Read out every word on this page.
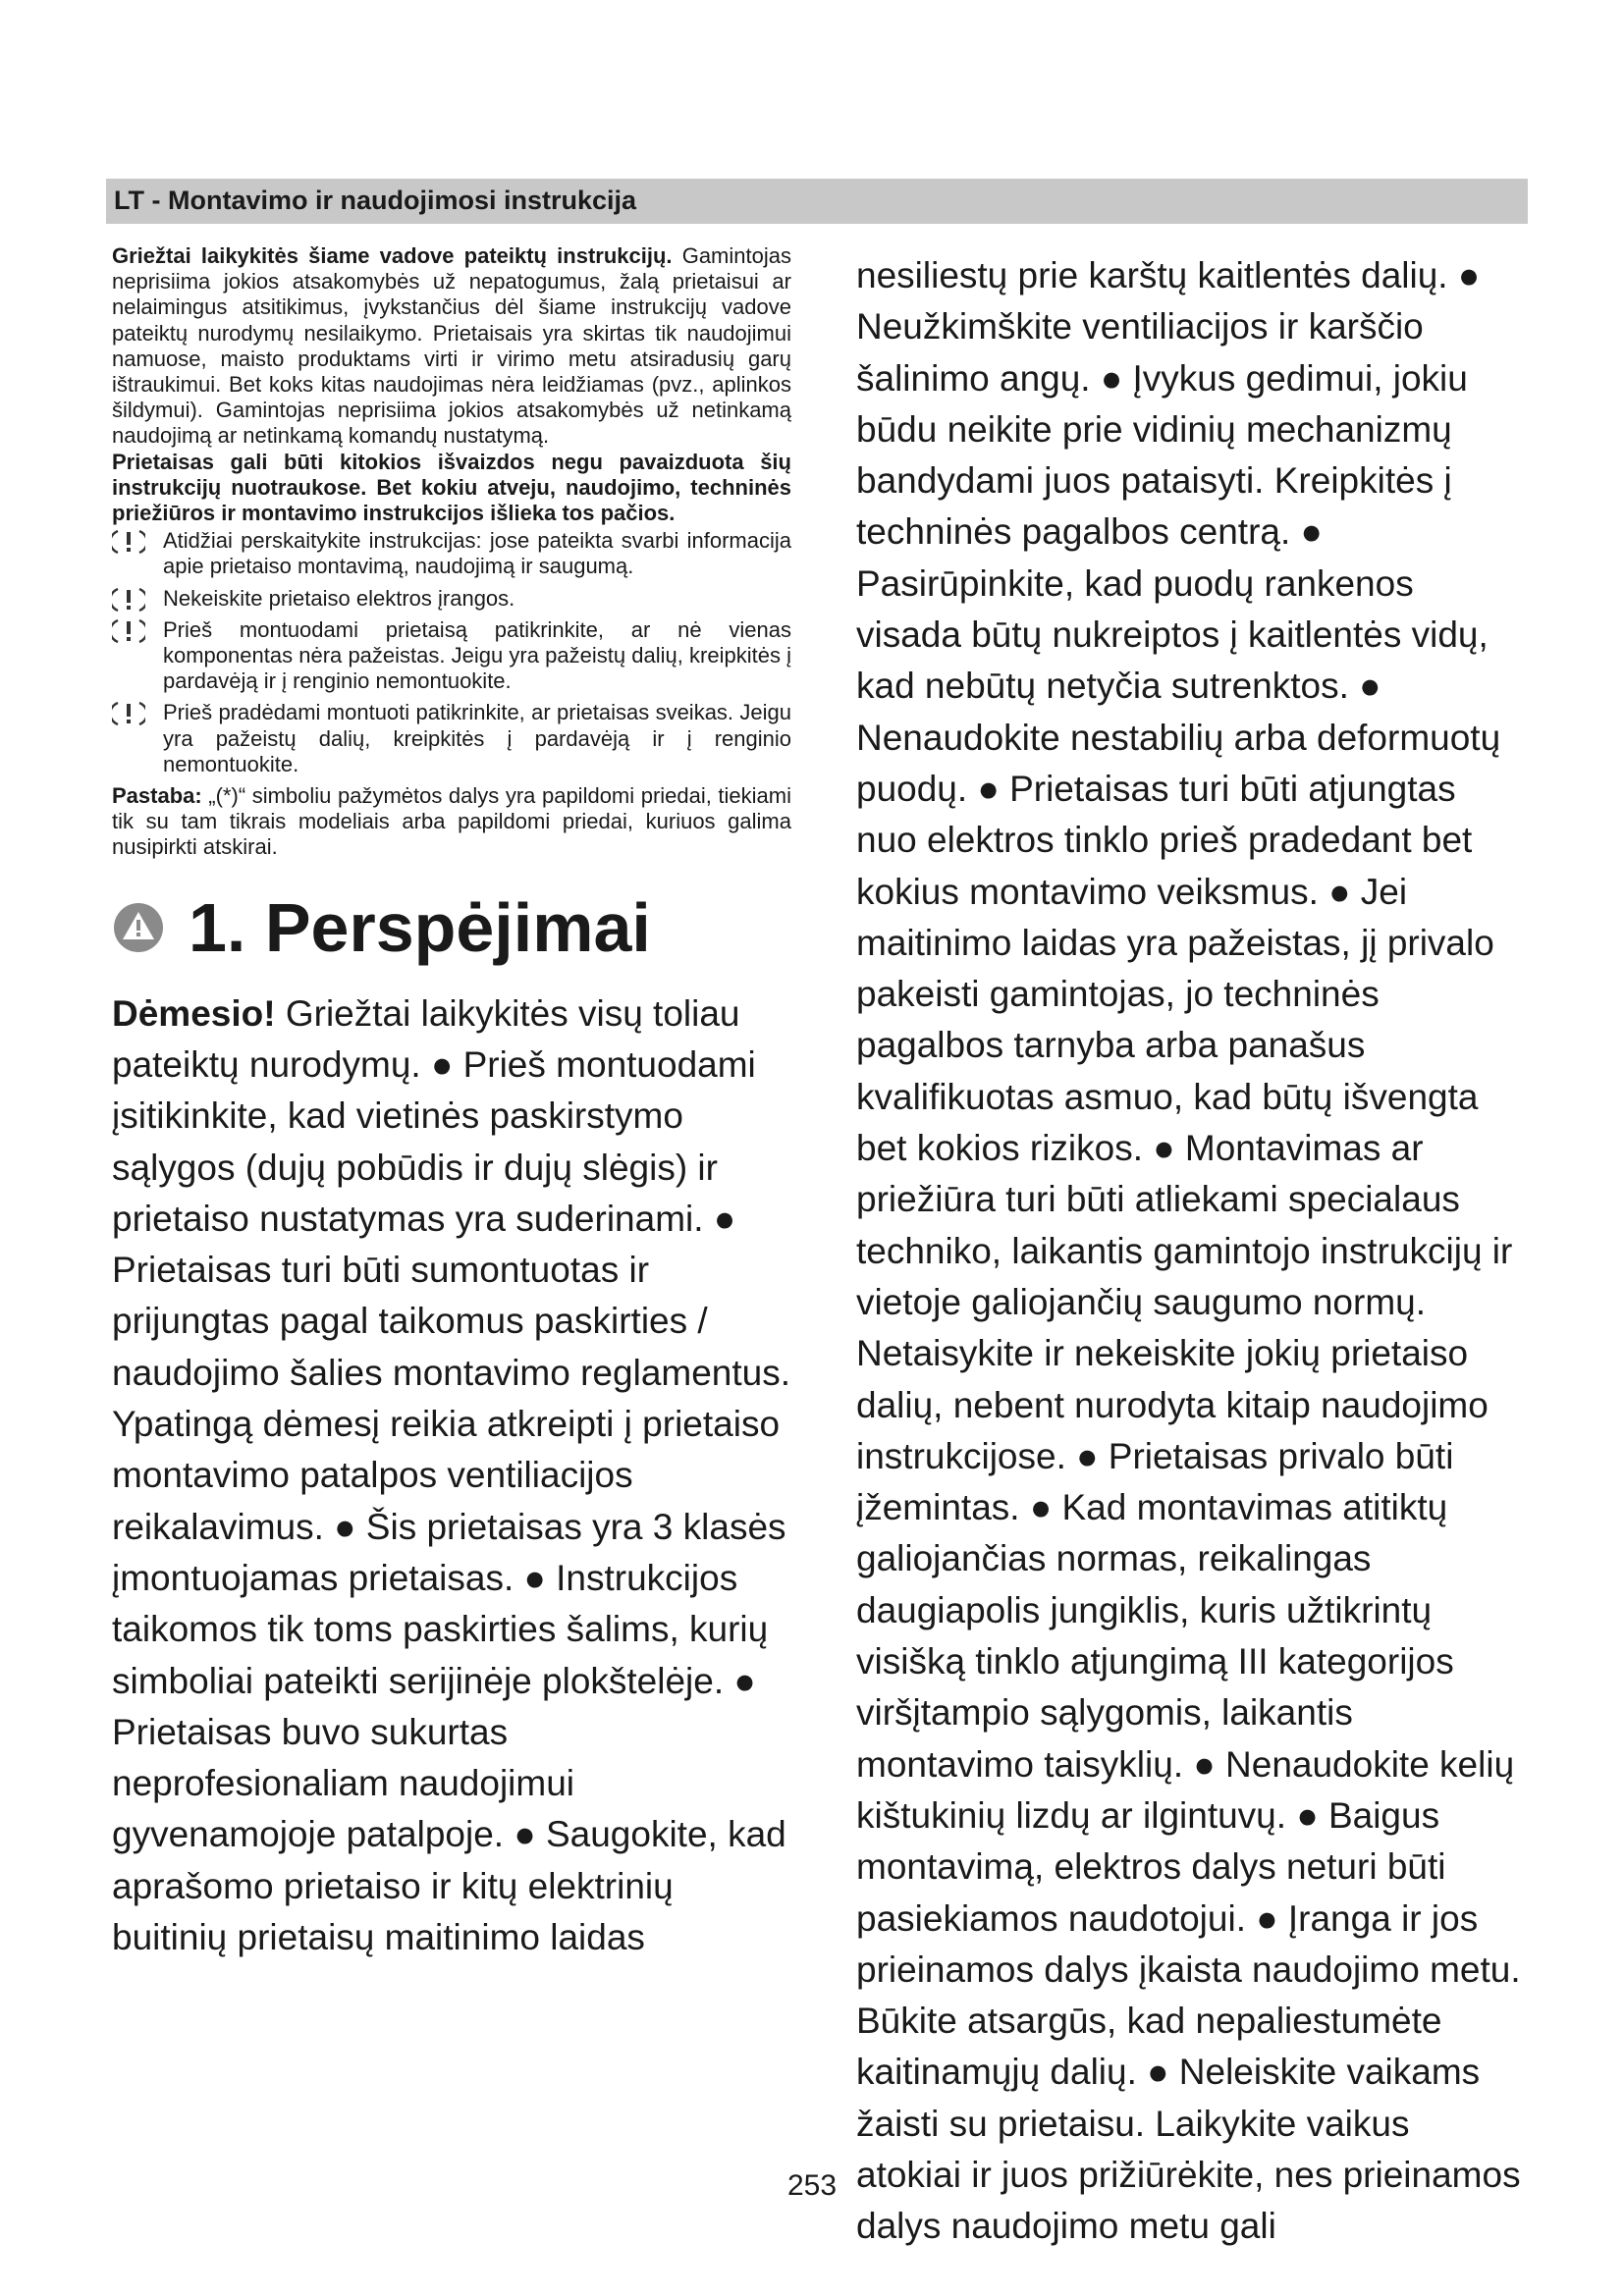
LT - Montavimo ir naudojimosi instrukcija

Griežtai laikykitės šiame vadove pateiktų instrukcijų. Gamintojas neprisiima jokios atsakomybės už nepatogumus, žalą prietaisui ar nelaimingus atsitikimus, įvykstančius dėl šiame instrukcijų vadove pateiktų nurodymų nesilaikymo. Prietaisais yra skirtas tik naudojimui namuose, maisto produktams virti ir virimo metu atsiradusių garų ištraukimui. Bet koks kitas naudojimas nėra leidžiamas (pvz., aplinkos šildymui). Gamintojas neprisiima jokios atsakomybės už netinkamą naudojimą ar netinkamą komandų nustatymą.

Prietaisas gali būti kitokios išvaizdos negu pavaizduota šių instrukcijų nuotraukose. Bet kokiu atveju, naudojimo, techninės priežiūros ir montavimo instrukcijos išlieka tos pačios.

Atidžiai perskaitykite instrukcijas: jose pateikta svarbi informacija apie prietaiso montavimą, naudojimą ir saugumą.
Nekeiskite prietaiso elektros įrangos.
Prieš montuodami prietaisą patikrinkite, ar nė vienas komponentas nėra pažeistas. Jeigu yra pažeistų dalių, kreipkitės į pardavėją ir į renginio nemontuokite.
Prieš pradėdami montuoti patikrinkite, ar prietaisas sveikas. Jeigu yra pažeistų dalių, kreipkitės į pardavėją ir į renginio nemontuokite.

Pastaba: „(*)“ simboliu pažymėtos dalys yra papildomi priedai, tiekiami tik su tam tikrais modeliais arba papildomi priedai, kuriuos galima nusipirkti atskirai.

1. Perspėjimai

Dėmesio! Griežtai laikykitės visų toliau pateiktų nurodymų. ● Prieš montuodami įsitikinkite, kad vietinės paskirstymo sąlygos (dujų pobūdis ir dujų slėgis) ir prietaiso nustatymas yra suderinami. ● Prietaisas turi būti sumontuotas ir prijungtas pagal taikomus paskirties / naudojimo šalies montavimo reglamentus. Ypatingą dėmesį reikia atkreipti į prietaiso montavimo patalpos ventiliacijos reikalavimus. ● Šis prietaisas yra 3 klasės įmontuojamas prietaisas. ● Instrukcijos taikomos tik toms paskirties šalims, kurių simboliai pateikti serijinėje plokštelėje. ● Prietaisas buvo sukurtas neprofesionaliam naudojimui gyvenamojoje patalpoje. ● Saugokite, kad aprašomo prietaiso ir kitų elektrinių buitinių prietaisų maitinimo laidas

nesiliestų prie karštų kaitlentės dalių. ● Neužkimškite ventiliacijos ir karščio šalinimo angų. ● Įvykus gedimui, jokiu būdu neikite prie vidinių mechanizmų bandydami juos pataisyti. Kreipkitės į techninės pagalbos centrą. ● Pasirūpinkite, kad puodų rankenos visada būtų nukreiptos į kaitlentės vidų, kad nebūtų netyčia sutrenktos. ● Nenaudokite nestabilių arba deformuotų puodų. ● Prietaisas turi būti atjungtas nuo elektros tinklo prieš pradedant bet kokius montavimo veiksmus. ● Jei maitinimo laidas yra pažeistas, jį privalo pakeisti gamintojas, jo techninės pagalbos tarnyba arba panašus kvalifikuotas asmuo, kad būtų išvengta bet kokios rizikos. ● Montavimas ar priežiūra turi būti atliekami specialaus techniko, laikantis gamintojo instrukcijų ir vietoje galiojančių saugumo normų. Netaisykite ir nekeiskite jokių prietaiso dalių, nebent nurodyta kitaip naudojimo instrukcijose. ● Prietaisas privalo būti įžemintas. ● Kad montavimas atitiktų galiojančias normas, reikalingas daugiapolis jungiklis, kuris užtikrintų visišką tinklo atjungimą III kategorijos viršįtampio sąlygomis, laikantis montavimo taisyklių. ● Nenaudokite kelių kištukinių lizdų ar ilgintuvų. ● Baigus montavimą, elektros dalys neturi būti pasiekiamos naudotojui. ● Įranga ir jos prieinamos dalys įkaista naudojimo metu. Būkite atsargūs, kad nepaliestumėte kaitinamųjų dalių. ● Neleiskite vaikams žaisti su prietaisu. Laikykite vaikus atokiai ir juos prižiūrėkite, nes prieinamos dalys naudojimo metu gali

253
